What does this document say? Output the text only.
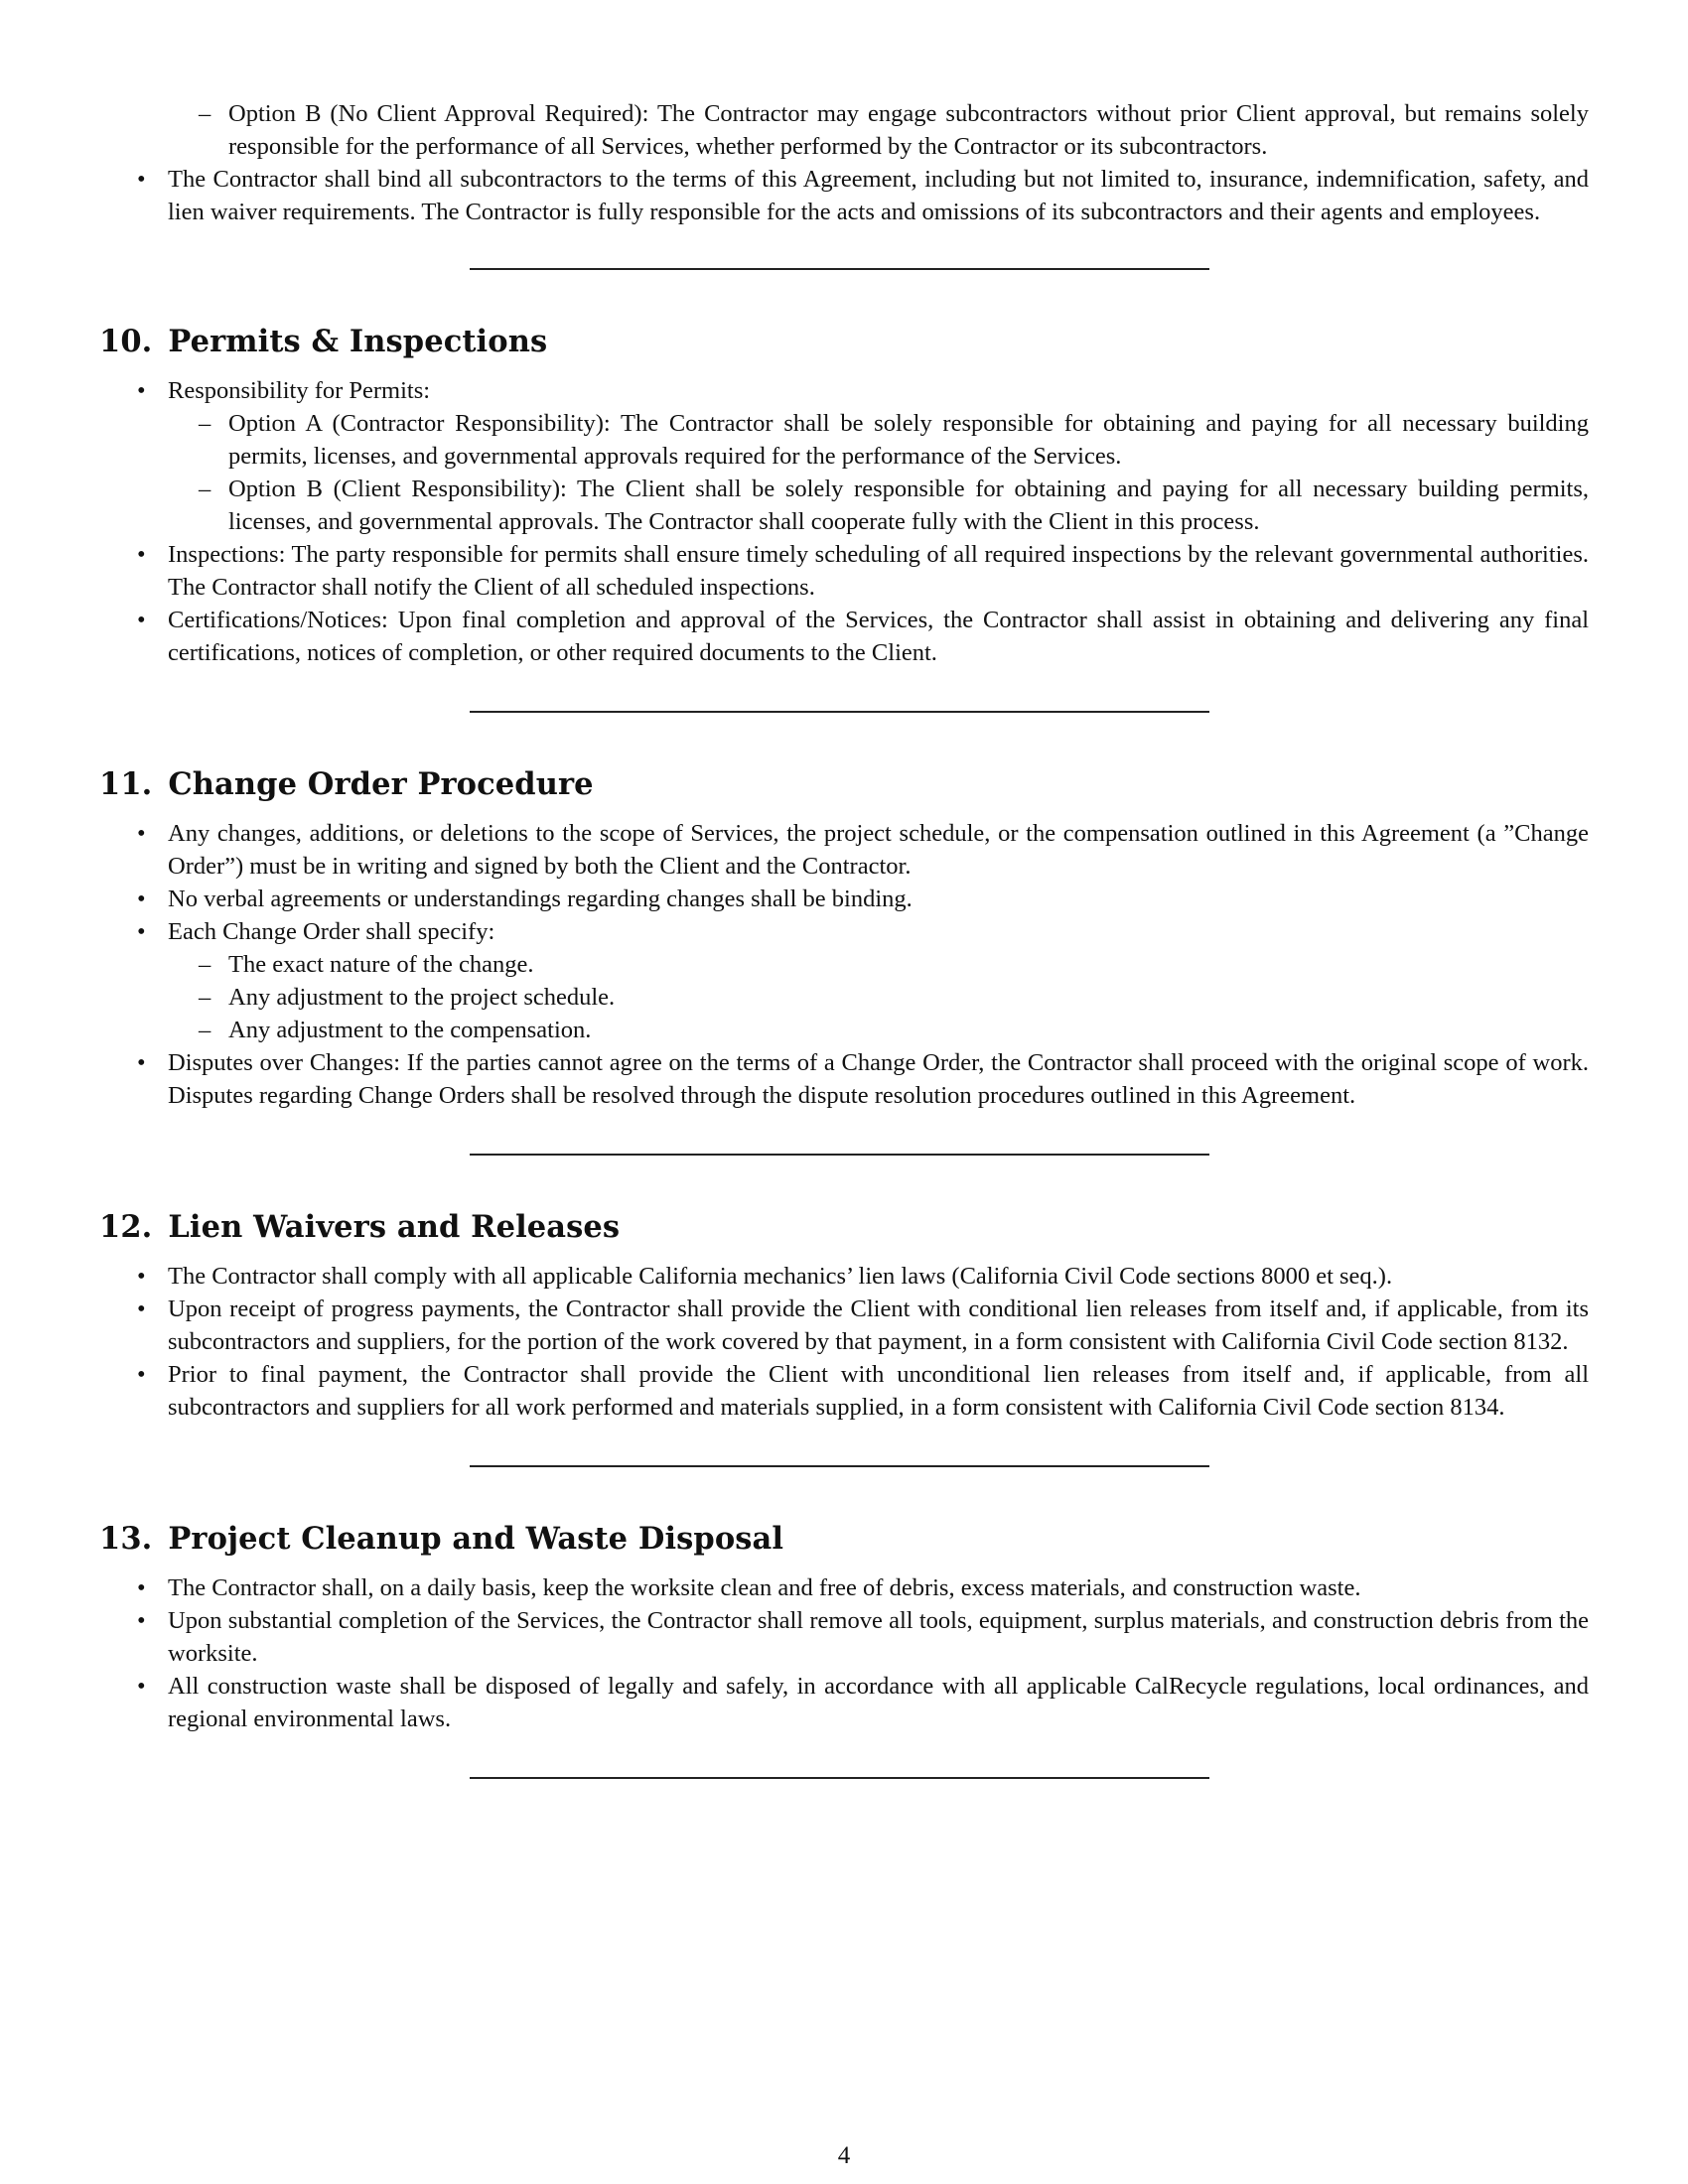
– Option B (No Client Approval Required): The Contractor may engage subcontractors without prior Client approval, but remains solely responsible for the performance of all Services, whether performed by the Contractor or its subcontractors.

• The Contractor shall bind all subcontractors to the terms of this Agreement, including but not limited to, insurance, indemnification, safety, and lien waiver requirements. The Contractor is fully responsible for the acts and omissions of its subcontractors and their agents and employees.

10. Permits & Inspections

• Responsibility for Permits:

– Option A (Contractor Responsibility): The Contractor shall be solely responsible for obtaining and paying for all necessary building permits, licenses, and governmental approvals required for the performance of the Services.

– Option B (Client Responsibility): The Client shall be solely responsible for obtaining and paying for all necessary building permits, licenses, and governmental approvals. The Contractor shall cooperate fully with the Client in this process.

• Inspections: The party responsible for permits shall ensure timely scheduling of all required inspections by the relevant governmental authorities. The Contractor shall notify the Client of all scheduled inspections.

• Certifications/Notices: Upon final completion and approval of the Services, the Contractor shall assist in obtaining and delivering any final certifications, notices of completion, or other required documents to the Client.

11. Change Order Procedure

• Any changes, additions, or deletions to the scope of Services, the project schedule, or the compensation outlined in this Agreement (a ”Change Order”) must be in writing and signed by both the Client and the Contractor.

• No verbal agreements or understandings regarding changes shall be binding.

• Each Change Order shall specify:

– The exact nature of the change.

– Any adjustment to the project schedule.

– Any adjustment to the compensation.

• Disputes over Changes: If the parties cannot agree on the terms of a Change Order, the Contractor shall proceed with the original scope of work. Disputes regarding Change Orders shall be resolved through the dispute resolution procedures outlined in this Agreement.

12. Lien Waivers and Releases

• The Contractor shall comply with all applicable California mechanics’ lien laws (California Civil Code sections 8000 et seq.).

• Upon receipt of progress payments, the Contractor shall provide the Client with conditional lien releases from itself and, if applicable, from its subcontractors and suppliers, for the portion of the work covered by that payment, in a form consistent with California Civil Code section 8132.

• Prior to final payment, the Contractor shall provide the Client with unconditional lien releases from itself and, if applicable, from all subcontractors and suppliers for all work performed and materials supplied, in a form consistent with California Civil Code section 8134.

13. Project Cleanup and Waste Disposal

• The Contractor shall, on a daily basis, keep the worksite clean and free of debris, excess materials, and construction waste.

• Upon substantial completion of the Services, the Contractor shall remove all tools, equipment, surplus materials, and construction debris from the worksite.

• All construction waste shall be disposed of legally and safely, in accordance with all applicable CalRecycle regulations, local ordinances, and regional environmental laws.

4
